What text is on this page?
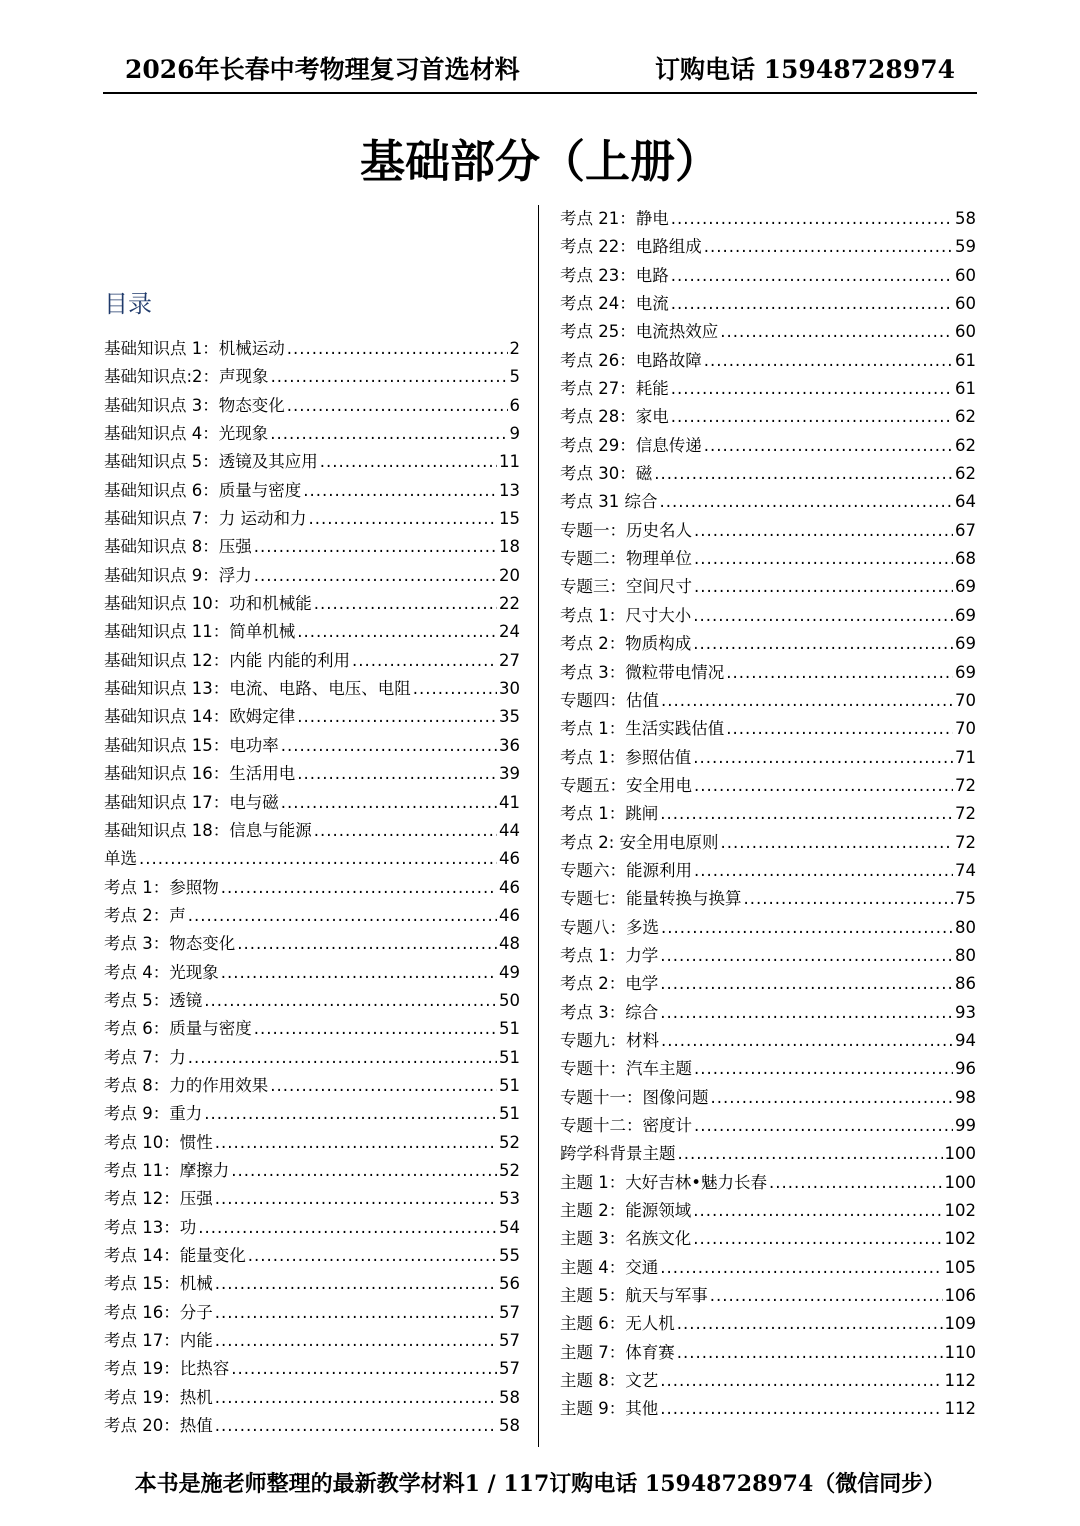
2026年长春中考物理复习首选材料	订购电话 15948728974
基础部分（上册）
目录
基础知识点 1：机械运动 .....	2
基础知识点:2：声现象 .....	5
基础知识点 3：物态变化 .....	6
基础知识点 4：光现象 .....	9
基础知识点 5：透镜及其应用 .....	11
基础知识点 6：质量与密度 .....	13
基础知识点 7：力 运动和力 .....	15
基础知识点 8：压强 .....	18
基础知识点 9：浮力 .....	20
基础知识点 10：功和机械能 .....	22
基础知识点 11：简单机械 .....	24
基础知识点 12：内能 内能的利用 .....	27
基础知识点 13：电流、电路、电压、电阻 .....	30
基础知识点 14：欧姆定律 .....	35
基础知识点 15：电功率 .....	36
基础知识点 16：生活用电 .....	39
基础知识点 17：电与磁 .....	41
基础知识点 18：信息与能源 .....	44
单选 .....	46
考点 1：参照物 .....	46
考点 2：声 .....	46
考点 3：物态变化 .....	48
考点 4：光现象 .....	49
考点 5：透镜 .....	50
考点 6：质量与密度 .....	51
考点 7：力 .....	51
考点 8：力的作用效果 .....	51
考点 9：重力 .....	51
考点 10：惯性 .....	52
考点 11：摩擦力 .....	52
考点 12：压强 .....	53
考点 13：功 .....	54
考点 14：能量变化 .....	55
考点 15：机械 .....	56
考点 16：分子 .....	57
考点 17：内能 .....	57
考点 19：比热容 .....	57
考点 19：热机 .....	58
考点 20：热值 .....	58
考点 21：静电 .....	58
考点 22：电路组成 .....	59
考点 23：电路 .....	60
考点 24：电流 .....	60
考点 25：电流热效应 .....	60
考点 26：电路故障 .....	61
考点 27：耗能 .....	61
考点 28：家电 .....	62
考点 29：信息传递 .....	62
考点 30：磁 .....	62
考点 31 综合 .....	64
专题一：历史名人 .....	67
专题二：物理单位 .....	68
专题三：空间尺寸 .....	69
考点 1：尺寸大小 .....	69
考点 2：物质构成 .....	69
考点 3：微粒带电情况 .....	69
专题四：估值 .....	70
考点 1：生活实践估值 .....	70
考点 1：参照估值 .....	71
专题五：安全用电 .....	72
考点 1：跳闸 .....	72
考点 2: 安全用电原则 .....	72
专题六：能源利用 .....	74
专题七：能量转换与换算 .....	75
专题八：多选 .....	80
考点 1：力学 .....	80
考点 2：电学 .....	86
考点 3：综合 .....	93
专题九：材料 .....	94
专题十：汽车主题 .....	96
专题十一：图像问题 .....	98
专题十二：密度计 .....	99
跨学科背景主题 .....	100
主题 1：大好吉林•魅力长春 .....	100
主题 2：能源领域 .....	102
主题 3：名族文化 .....	102
主题 4：交通 .....	105
主题 5：航天与军事 .....	106
主题 6：无人机 .....	109
主题 7：体育赛 .....	110
主题 8：文艺 .....	112
主题 9：其他 .....	112
本书是施老师整理的最新教学材料1 / 117订购电话 15948728974（微信同步）
